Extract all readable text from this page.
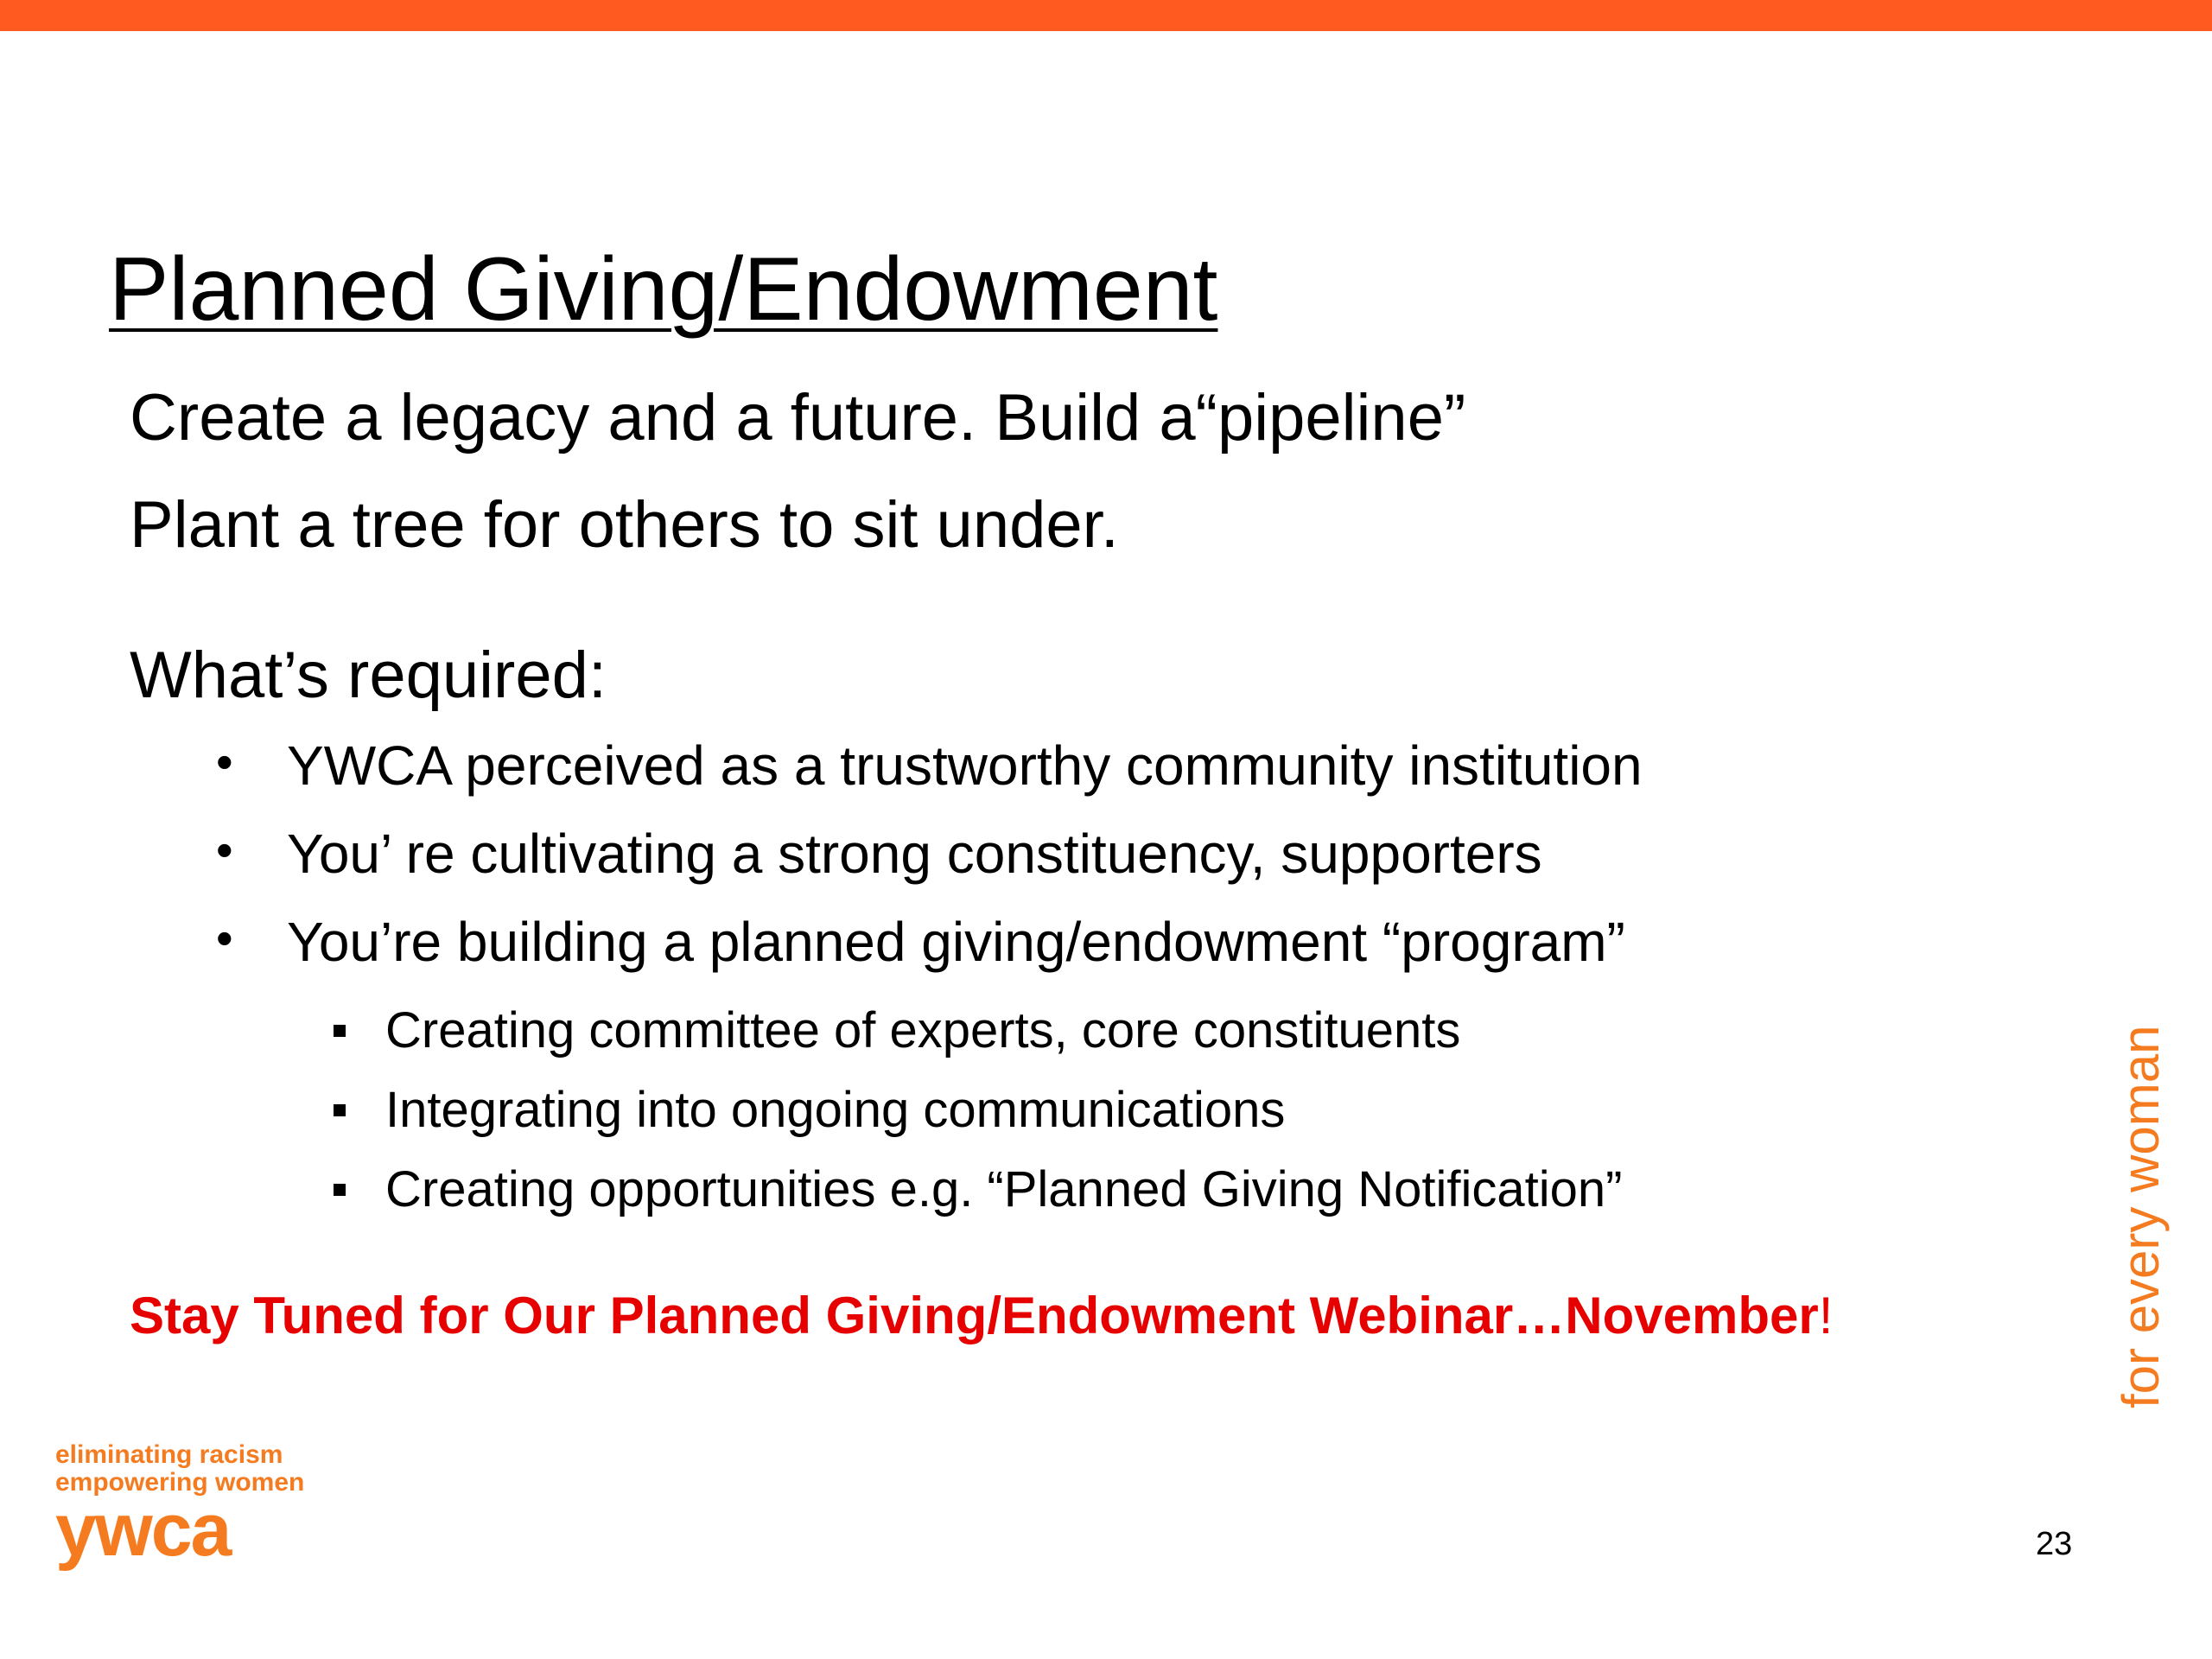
Planned Giving/Endowment

Create a legacy and a future. Build a“pipeline”

Plant a tree for others to sit under.

What’s required:

• YWCA perceived as a trustworthy community institution
• You’ re cultivating a strong constituency, supporters
• You’re building a planned giving/endowment “program”
Creating committee of experts, core constituents
Integrating into ongoing communications
Creating opportunities e.g. “Planned Giving Notification”

Stay Tuned for Our Planned Giving/Endowment Webinar…November!	for every woman
eliminating racism
empowering women
ywca	23
